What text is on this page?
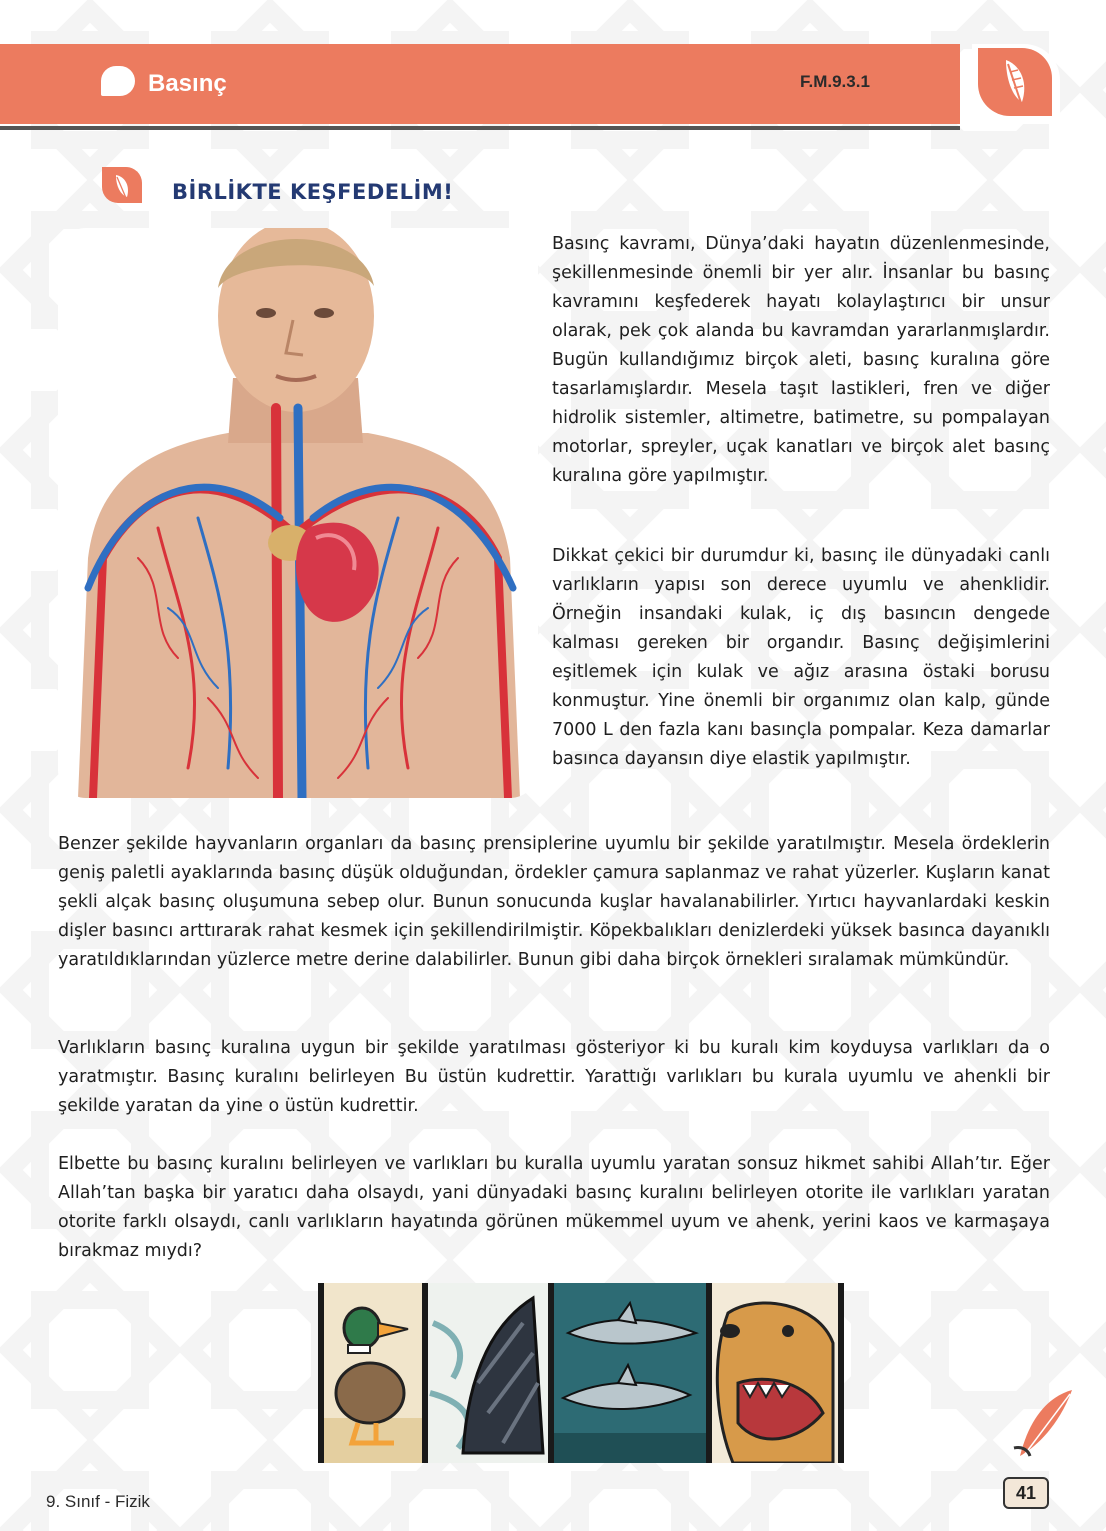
Basınç	F.M.9.3.1
BİRLİKTE KEŞFEDELİM!

Basınç kavramı, Dünya’daki hayatın düzenlenmesinde, şekillenmesinde önemli bir yer alır. İnsanlar bu basınç kavramını keşfederek hayatı kolaylaştırıcı bir unsur olarak, pek çok alanda bu kavramdan yararlanmışlardır. Bugün kullandığımız birçok aleti, basınç kuralına göre tasarlamışlardır. Mesela taşıt lastikleri, fren ve diğer hidrolik sistemler, altimetre, batimetre, su pompalayan motorlar, spreyler, uçak kanatları ve birçok alet basınç kuralına göre yapılmıştır.

Dikkat çekici bir durumdur ki, basınç ile dünyadaki canlı varlıkların yapısı son derece uyumlu ve ahenklidir. Örneğin insandaki kulak, iç dış basıncın dengede kalması gereken bir organdır. Basınç değişimlerini eşitlemek için kulak ve ağız arasına östaki borusu konmuştur. Yine önemli bir organımız olan kalp, günde 7000 L den fazla kanı basınçla pompalar. Keza damarlar basınca dayansın diye elastik yapılmıştır.

Benzer şekilde hayvanların organları da basınç prensiplerine uyumlu bir şekilde yaratılmıştır. Mesela ördeklerin geniş paletli ayaklarında basınç düşük olduğundan, ördekler çamura saplanmaz ve rahat yüzerler. Kuşların kanat şekli alçak basınç oluşumuna sebep olur. Bunun sonucunda kuşlar havalanabilirler. Yırtıcı hayvanlardaki keskin dişler basıncı arttırarak rahat kesmek için şekillendirilmiştir. Köpekbalıkları denizlerdeki yüksek basınca dayanıklı yaratıldıklarından yüzlerce metre derine dalabilirler. Bunun gibi daha birçok örnekleri sıralamak mümkündür.

Varlıkların basınç kuralına uygun bir şekilde yaratılması gösteriyor ki bu kuralı kim koyduysa varlıkları da o yaratmıştır. Basınç kuralını belirleyen Bu üstün kudrettir. Yarattığı varlıkları bu kurala uyumlu ve ahenkli bir şekilde yaratan da yine o üstün kudrettir.

Elbette bu basınç kuralını belirleyen ve varlıkları bu kuralla uyumlu yaratan sonsuz hikmet sahibi Allah’tır. Eğer Allah’tan başka bir yaratıcı daha olsaydı, yani dünyadaki basınç kuralını belirleyen otorite ile varlıkları yaratan otorite farklı olsaydı, canlı varlıkların hayatında görünen mükemmel uyum ve ahenk, yerini kaos ve karmaşaya bırakmaz mıydı?

9. Sınıf - Fizik	41
